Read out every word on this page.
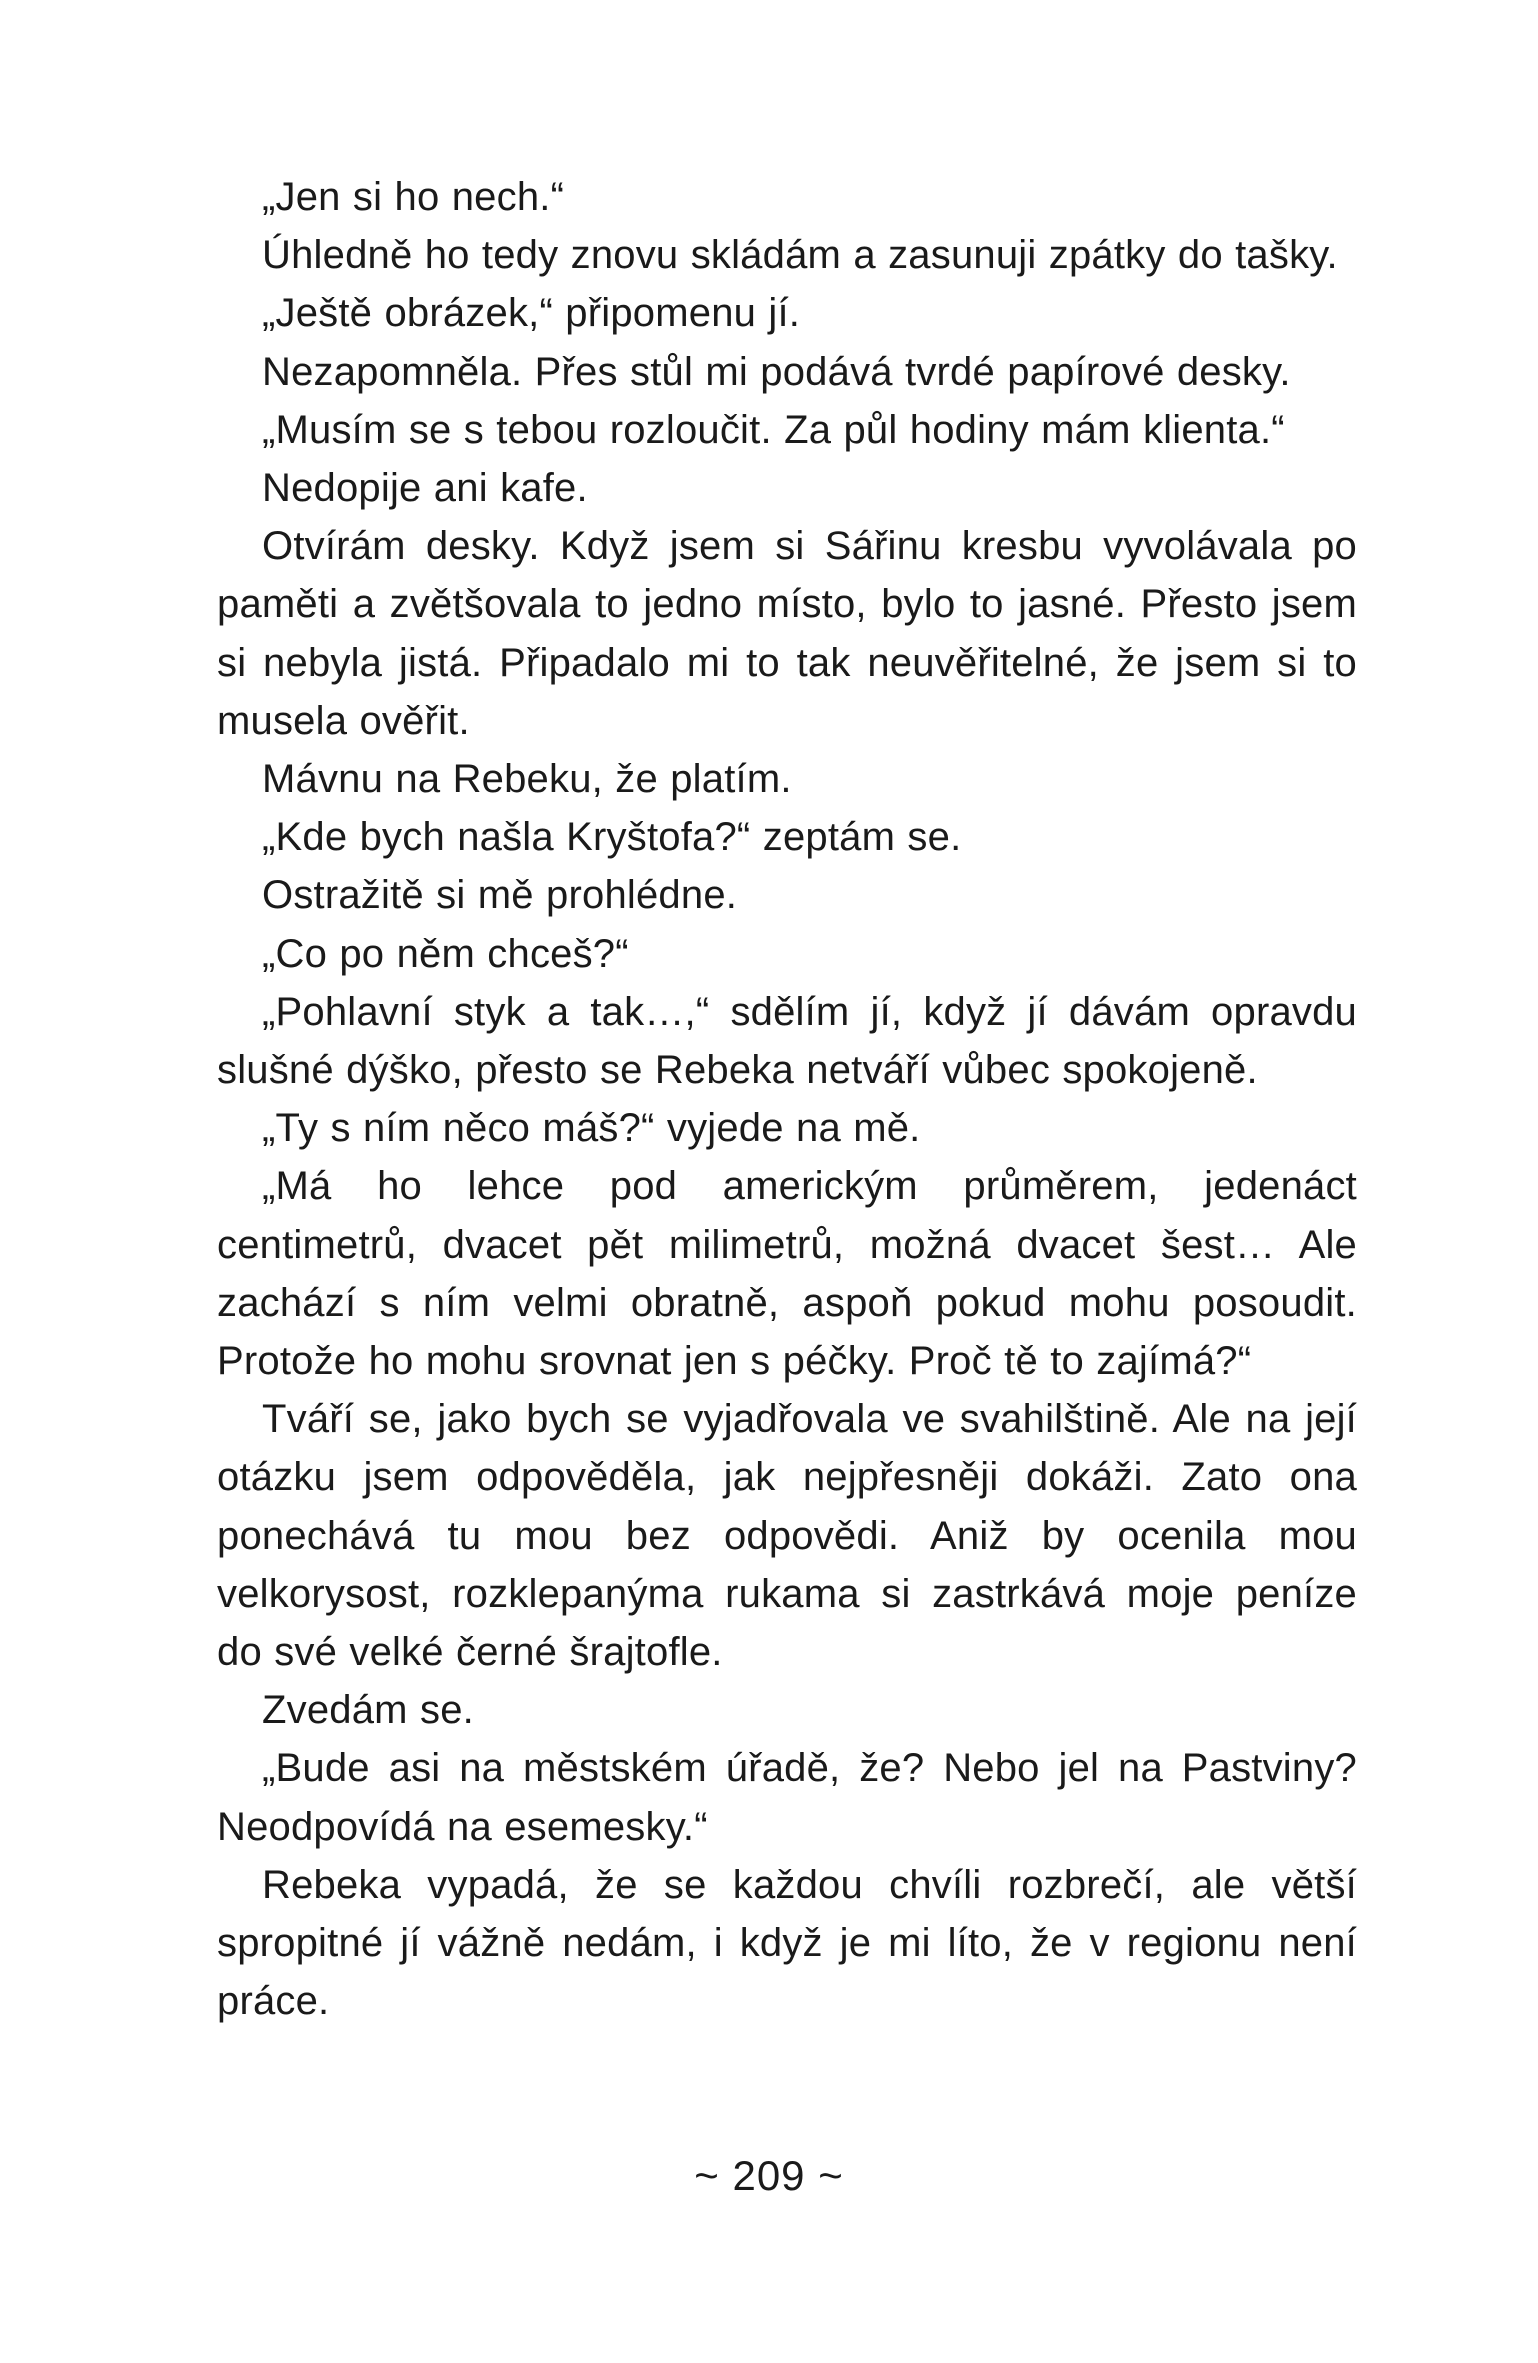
„Jen si ho nech.“

Úhledně ho tedy znovu skládám a zasunuji zpátky do tašky.

„Ještě obrázek,“ připomenu jí.

Nezapomněla. Přes stůl mi podává tvrdé papírové desky.

„Musím se s tebou rozloučit. Za půl hodiny mám klienta.“

Nedopije ani kafe.

Otvírám desky. Když jsem si Sářinu kresbu vyvolávala po paměti a zvětšovala to jedno místo, bylo to jasné. Přesto jsem si nebyla jistá. Připadalo mi to tak neuvěřitelné, že jsem si to musela ověřit.

Mávnu na Rebeku, že platím.

„Kde bych našla Kryštofa?“ zeptám se.

Ostražitě si mě prohlédne.

„Co po něm chceš?“

„Pohlavní styk a tak…,“ sdělím jí, když jí dávám opravdu slušné dýško, přesto se Rebeka netváří vůbec spokojeně.

„Ty s ním něco máš?“ vyjede na mě.

„Má ho lehce pod americkým průměrem, jedenáct centimetrů, dvacet pět milimetrů, možná dvacet šest… Ale zachází s ním velmi obratně, aspoň pokud mohu posoudit. Protože ho mohu srovnat jen s péčky. Proč tě to zajímá?“

Tváří se, jako bych se vyjadřovala ve svahilštině. Ale na její otázku jsem odpověděla, jak nejpřesněji dokáži. Zato ona ponechává tu mou bez odpovědi. Aniž by ocenila mou velkorysost, rozklepanýma rukama si zastrkává moje peníze do své velké černé šrajtofle.

Zvedám se.

„Bude asi na městském úřadě, že? Nebo jel na Pastviny? Neodpovídá na esemesky.“

Rebeka vypadá, že se každou chvíli rozbrečí, ale větší spropitné jí vážně nedám, i když je mi líto, že v regionu není práce.

~ 209 ~
